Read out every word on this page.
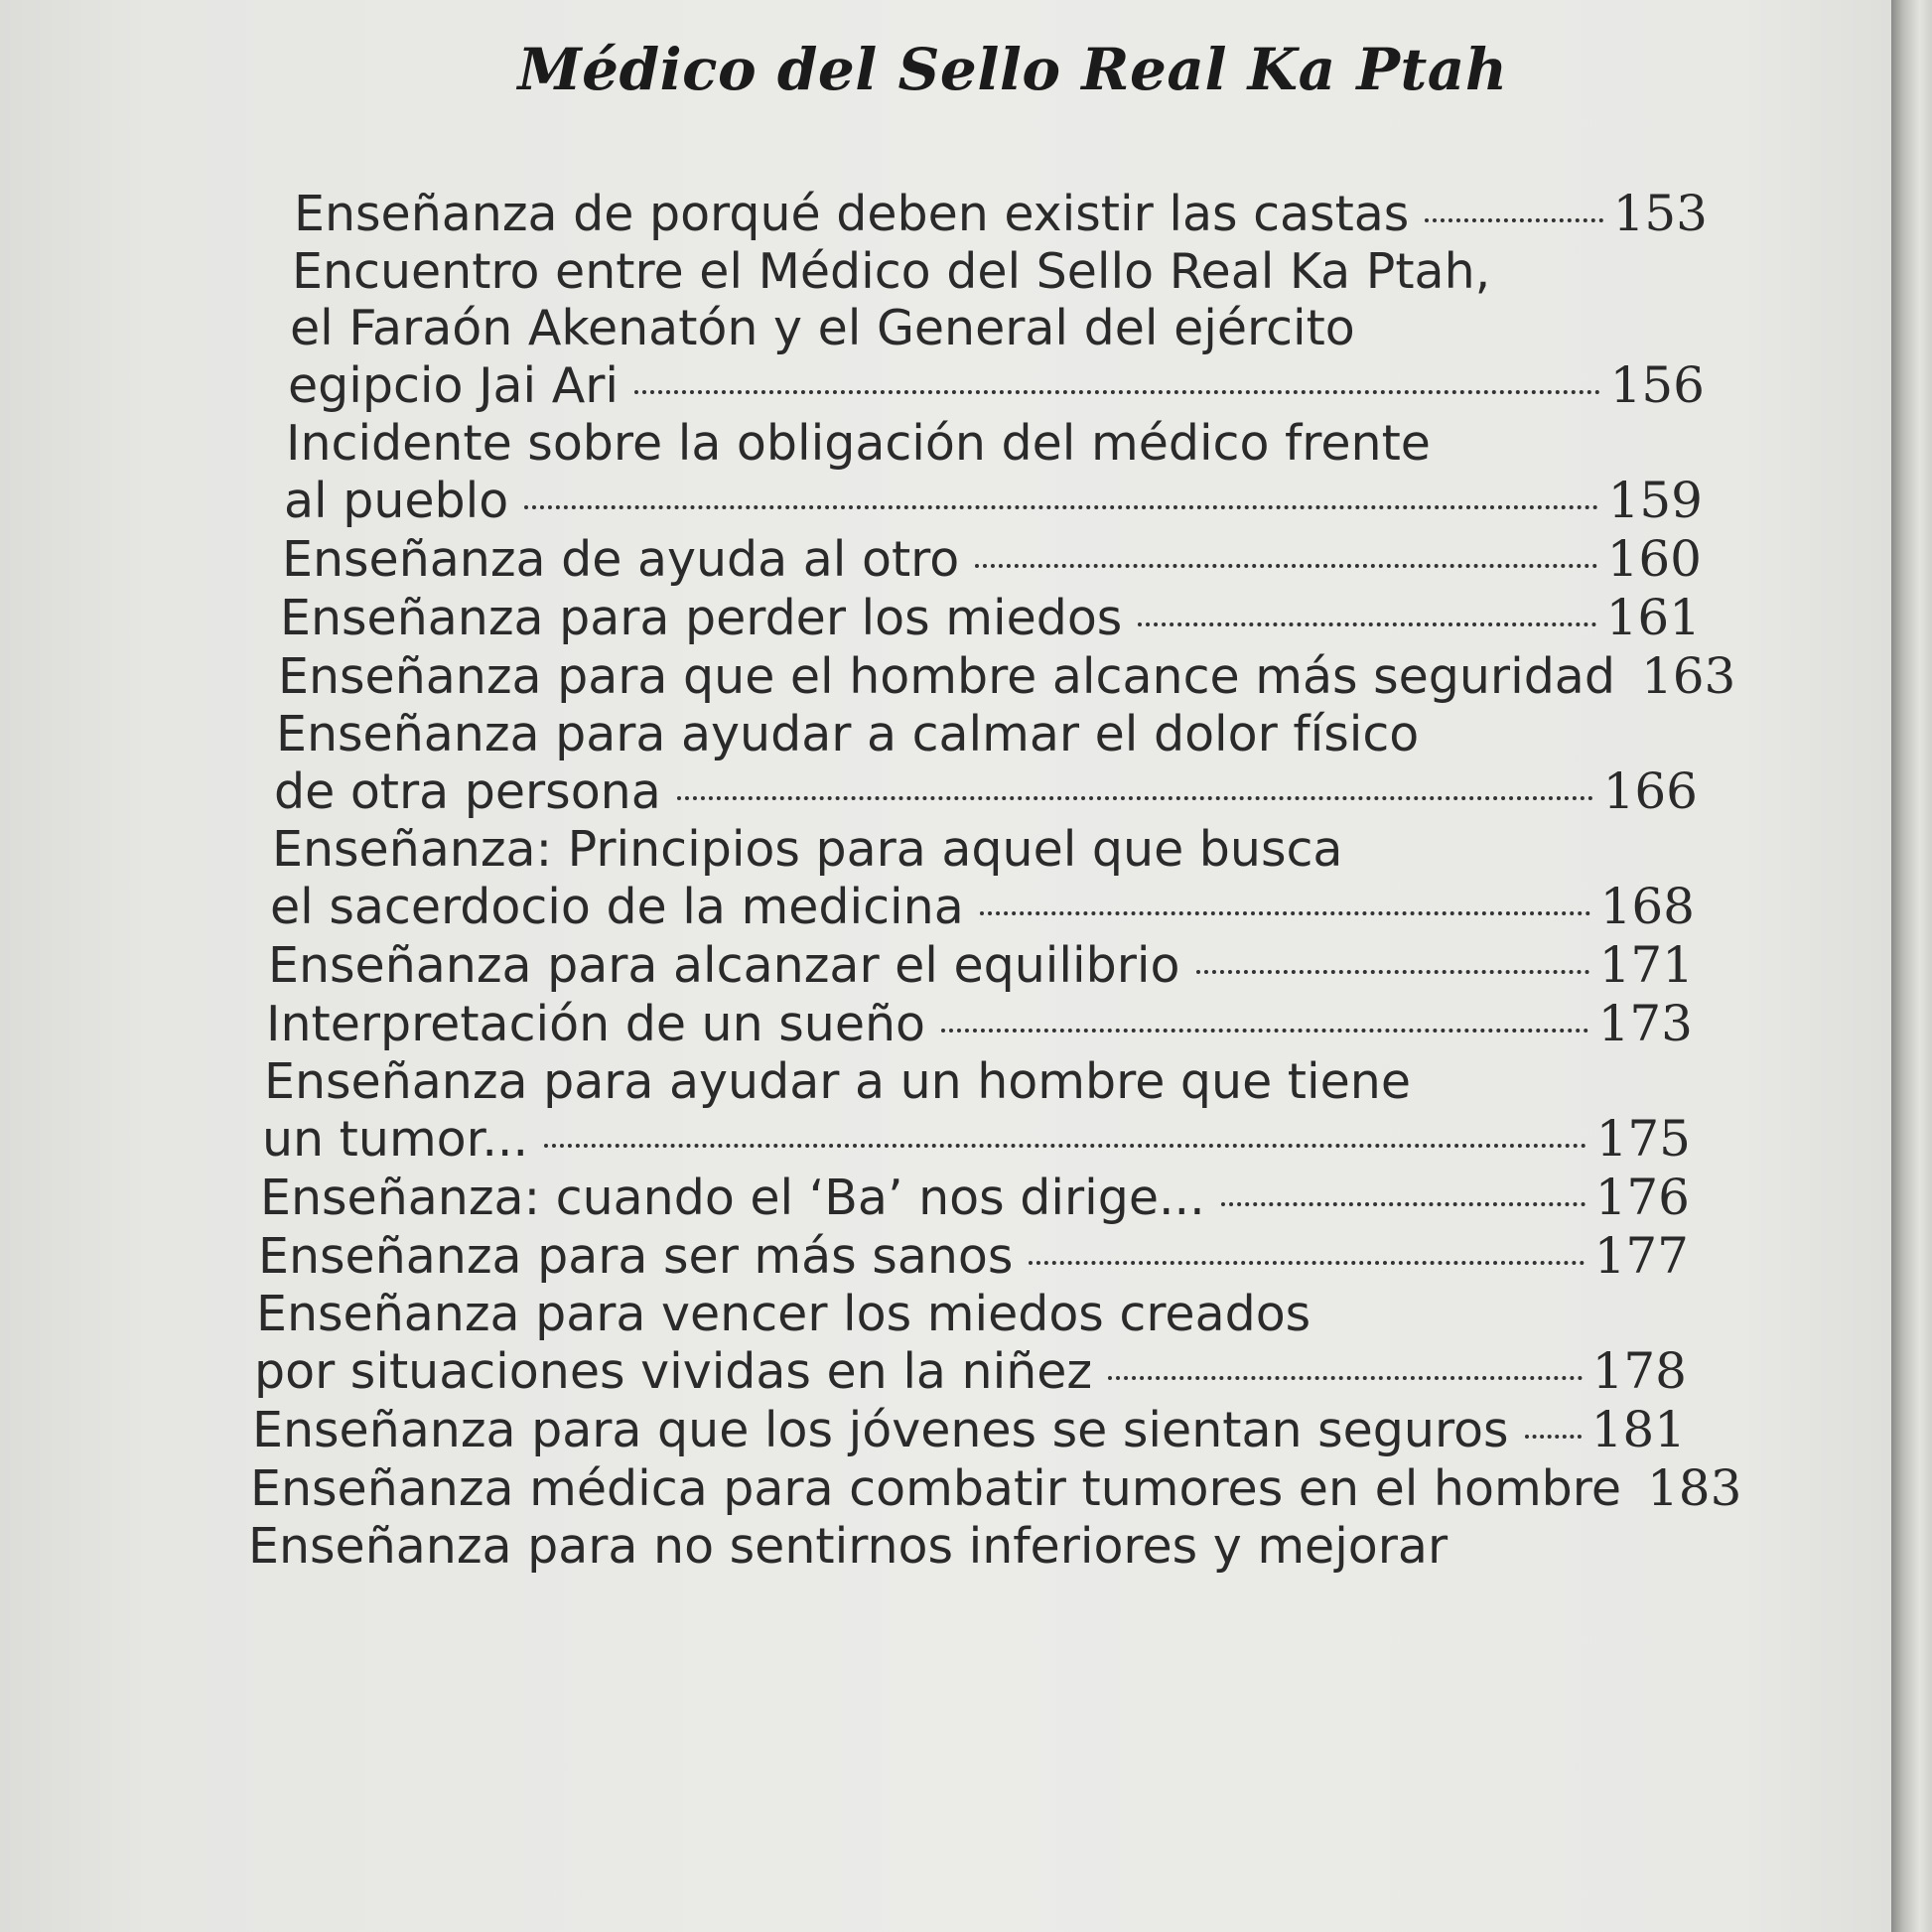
Médico del Sello Real Ka Ptah
Enseñanza de porqué deben existir las castas	153
Encuentro entre el Médico del Sello Real Ka Ptah,
el Faraón Akenatón y el General del ejército
egipcio Jai Ari	156
Incidente sobre la obligación del médico frente
al pueblo	159
Enseñanza de ayuda al otro	160
Enseñanza para perder los miedos	161
Enseñanza para que el hombre alcance más seguridad 163
Enseñanza para ayudar a calmar el dolor físico
de otra persona	166
Enseñanza: Principios para aquel que busca
el sacerdocio de la medicina	168
Enseñanza para alcanzar el equilibrio	171
Interpretación de un sueño	173
Enseñanza para ayudar a un hombre que tiene
un tumor...	175
Enseñanza: cuando el ‘Ba’ nos dirige...	176
Enseñanza para ser más sanos	177
Enseñanza para vencer los miedos creados
por situaciones vividas en la niñez	178
Enseñanza para que los jóvenes se sientan seguros 181
Enseñanza médica para combatir tumores en el hombre 183
Enseñanza para no sentirnos inferiores y mejorar
